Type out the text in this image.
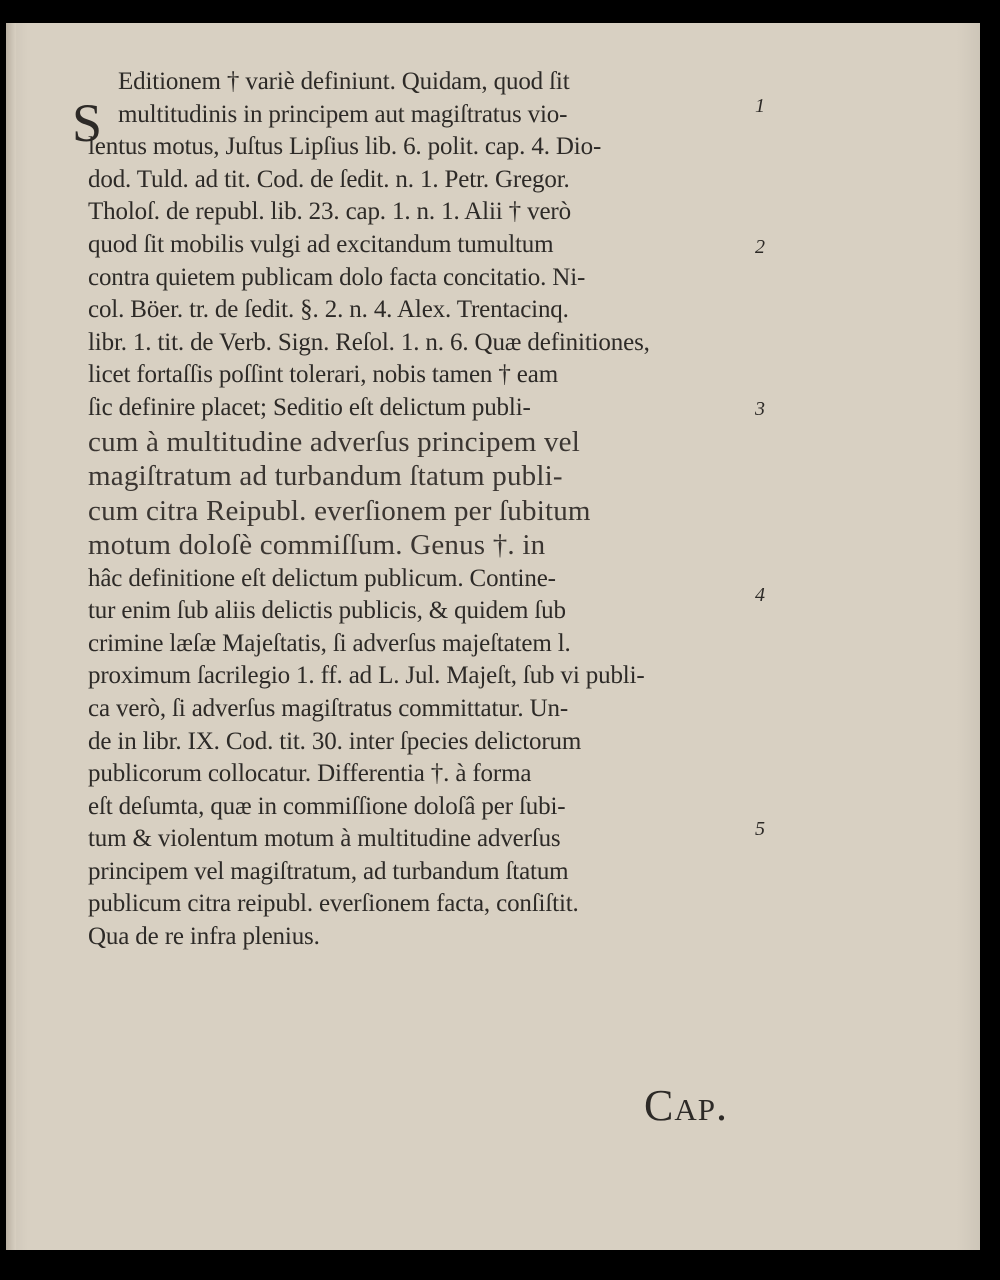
S
Editionem † variè definiunt. Quidam, quod ſit
multitudinis in principem aut magiſtratus vio-
lentus motus, Juſtus Lipſius lib. 6. polit. cap. 4. Dio-
dod. Tuld. ad tit. Cod. de ſedit. n. 1. Petr. Gregor.
Tholoſ. de republ. lib. 23. cap. 1. n. 1. Alii † verò
quod ſit mobilis vulgi ad excitandum tumultum
contra quietem publicam dolo facta concitatio. Ni-
col. Böer. tr. de ſedit. §. 2. n. 4. Alex. Trentacinq.
libr. 1. tit. de Verb. Sign. Reſol. 1. n. 6. Quæ definitiones,
licet fortaſſis poſſint tolerari, nobis tamen † eam
ſic definire placet; Seditio eſt delictum publi-
cum à multitudine adverſus principem vel
magiſtratum ad turbandum ſtatum publi-
cum citra Reipubl. everſionem per ſubitum
motum doloſè commiſſum. Genus †. in
hâc definitione eſt delictum publicum. Contine-
tur enim ſub aliis delictis publicis, & quidem ſub
crimine læſæ Majeſtatis, ſi adverſus majeſtatem l.
proximum ſacrilegio 1. ff. ad L. Jul. Majeſt, ſub vi publi-
ca verò, ſi adverſus magiſtratus committatur. Un-
de in libr. IX. Cod. tit. 30. inter ſpecies delictorum
publicorum collocatur. Differentia †. à forma
eſt deſumta, quæ in commiſſione doloſâ per ſubi-
tum & violentum motum à multitudine adverſus
principem vel magiſtratum, ad turbandum ſtatum
publicum citra reipubl. everſionem facta, conſiſtit.
Qua de re infra plenius.
1
2
3
4
5
Cap.
